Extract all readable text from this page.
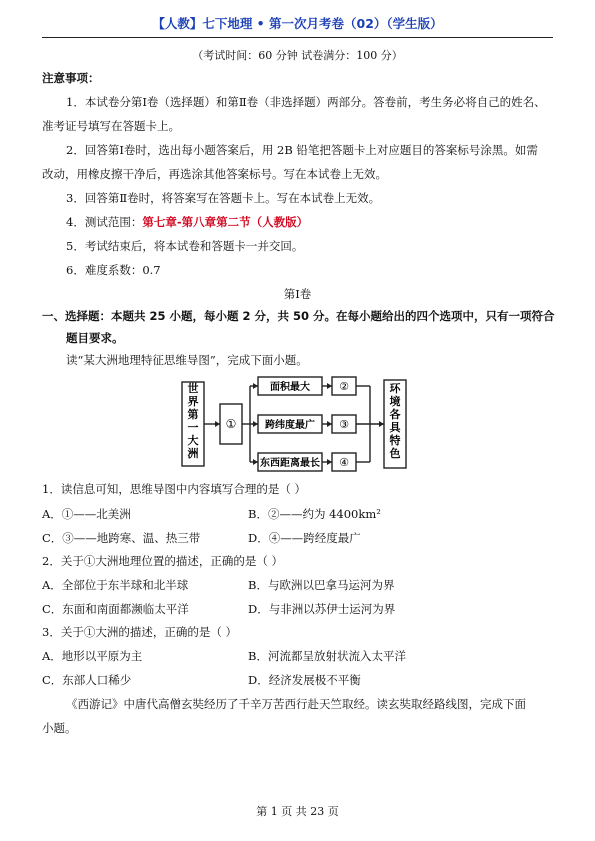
【人教】七下地理 • 第一次月考卷（02）（学生版）
（考试时间：60 分钟 试卷满分：100 分）
注意事项：
1．本试卷分第Ⅰ卷（选择题）和第Ⅱ卷（非选择题）两部分。答卷前，考生务必将自己的姓名、
准考证号填写在答题卡上。
2．回答第Ⅰ卷时，选出每小题答案后，用 2B 铅笔把答题卡上对应题目的答案标号涂黑。如需
改动，用橡皮擦干净后，再选涂其他答案标号。写在本试卷上无效。
3．回答第Ⅱ卷时，将答案写在答题卡上。写在本试卷上无效。
4．测试范围：第七章-第八章第二节（人教版）
5．考试结束后，将本试卷和答题卡一并交回。
6．难度系数：0.7
第Ⅰ卷
一、选择题：本题共 25 小题，每小题 2 分，共 50 分。在每小题给出的四个选项中，只有一项符合
题目要求。
读“某大洲地理特征思维导图”，完成下面小题。
世界第一大洲
①
面积最大
跨纬度最广
东西距离最长
②
③
④
环境各具特色
1．读信息可知，思维导图中内容填写合理的是（ ）
A．①——北美洲	B．②——约为 4400km²
C．③——地跨寒、温、热三带	D．④——跨经度最广
2．关于①大洲地理位置的描述，正确的是（ ）
A．全部位于东半球和北半球	B．与欧洲以巴拿马运河为界
C．东面和南面都濒临太平洋	D．与非洲以苏伊士运河为界
3．关于①大洲的描述，正确的是（ ）
A．地形以平原为主	B．河流都呈放射状流入太平洋
C．东部人口稀少	D．经济发展极不平衡
《西游记》中唐代高僧玄奘经历了千辛万苦西行赴天竺取经。读玄奘取经路线图，完成下面
小题。
第 1 页 共 23 页
